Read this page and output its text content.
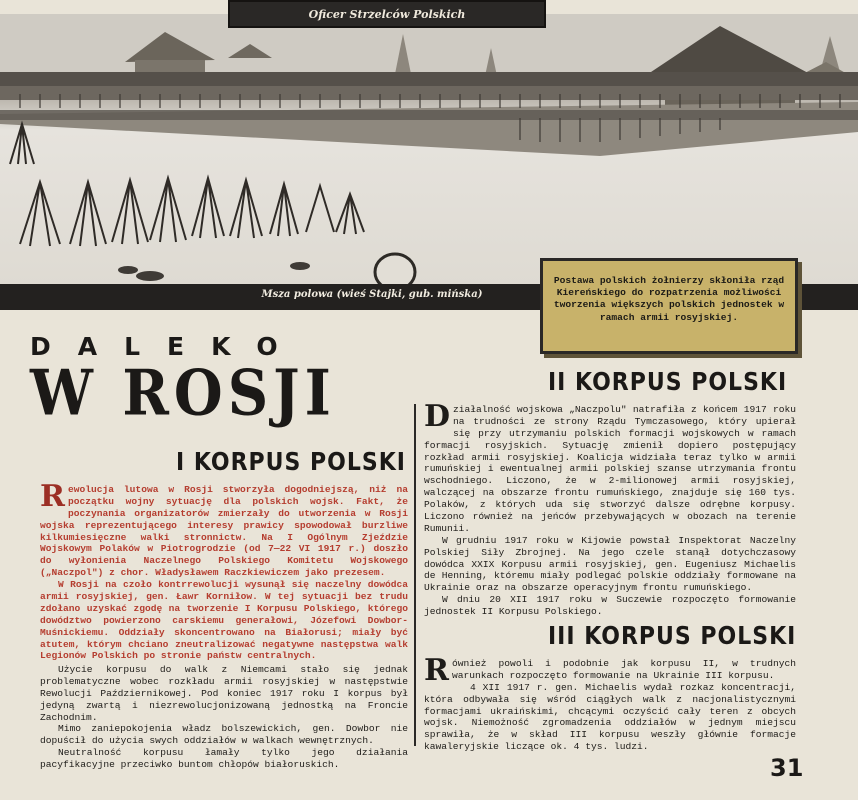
Oficer Strzelców Polskich
Msza polowa (wieś Stajki, gub. mińska)
Postawa polskich żołnierzy skłoniła rząd Kiereńskiego do rozpatrzenia możliwości tworzenia większych polskich jednostek w ramach armii rosyjskiej.
DALEKO
W ROSJI
I KORPUS POLSKI

Rewolucja lutowa w Rosji stworzyła dogodniejszą, niż na początku wojny sytuację dla polskich wojsk. Fakt, że poczynania organizatorów zmierzały do utworzenia w Rosji wojska reprezentującego interesy prawicy spowodował burzliwe kilkumiesięczne walki stronnictw. Na I Ogólnym Zjeździe Wojskowym Polaków w Piotrogrodzie (od 7—22 VI 1917 r.) doszło do wyłonienia Naczelnego Polskiego Komitetu Wojskowego („Naczpol") z chor. Władysławem Raczkiewiczem jako prezesem.

W Rosji na czoło kontrrewolucji wysunął się naczelny dowódca armii rosyjskiej, gen. Ławr Korniłow. W tej sytuacji bez trudu zdołano uzyskać zgodę na tworzenie I Korpusu Polskiego, którego dowództwo powierzono carskiemu generałowi, Józefowi Dowbor-Muśnickiemu. Oddziały skoncentrowano na Białorusi; miały być atutem, którym chciano zneutralizować negatywne następstwa walk Legionów Polskich po stronie państw centralnych.

Użycie korpusu do walk z Niemcami stało się jednak problematyczne wobec rozkładu armii rosyjskiej w następstwie Rewolucji Październikowej. Pod koniec 1917 roku I korpus był jedyną zwartą i niezrewolucjonizowaną jednostką na Froncie Zachodnim.

Mimo zaniepokojenia władz bolszewickich, gen. Dowbor nie dopuścił do użycia swych oddziałów w walkach wewnętrznych.

Neutralność korpusu łamały tylko jego działania pacyfikacyjne przeciwko buntom chłopów białoruskich.

II KORPUS POLSKI

Działalność wojskowa „Naczpolu" natrafiła z końcem 1917 roku na trudności ze strony Rządu Tymczasowego, który upierał się przy utrzymaniu polskich formacji wojskowych w ramach formacji rosyjskich. Sytuację zmienił dopiero postępujący rozkład armii rosyjskiej. Koalicja widziała teraz tylko w armii rumuńskiej i ewentualnej armii polskiej szanse utrzymania frontu wschodniego. Liczono, że w 2-milionowej armii rosyjskiej, walczącej na obszarze frontu rumuńskiego, znajduje się 160 tys. Polaków, z których uda się stworzyć dalsze odrębne korpusy. Liczono również na jeńców przebywających w obozach na terenie Rumunii.

W grudniu 1917 roku w Kijowie powstał Inspektorat Naczelny Polskiej Siły Zbrojnej. Na jego czele stanął dotychczasowy dowódca XXIX Korpusu armii rosyjskiej, gen. Eugeniusz Michaelis de Henning, któremu miały podlegać polskie oddziały formowane na Ukrainie oraz na obszarze operacyjnym frontu rumuńskiego.

W dniu 20 XII 1917 roku w Suczewie rozpoczęto formowanie jednostek II Korpusu Polskiego.

III KORPUS POLSKI

Również powoli i podobnie jak korpusu II, w trudnych warunkach rozpoczęto formowanie na Ukrainie III korpusu.

4 XII 1917 r. gen. Michaelis wydał rozkaz koncentracji, która odbywała się wśród ciągłych walk z nacjonalistycznymi formacjami ukraińskimi, chcącymi oczyścić cały teren z obcych wojsk. Niemożność zgromadzenia oddziałów w jednym miejscu sprawiła, że w skład III korpusu weszły głównie formacje kawaleryjskie liczące ok. 4 tys. ludzi.

31
